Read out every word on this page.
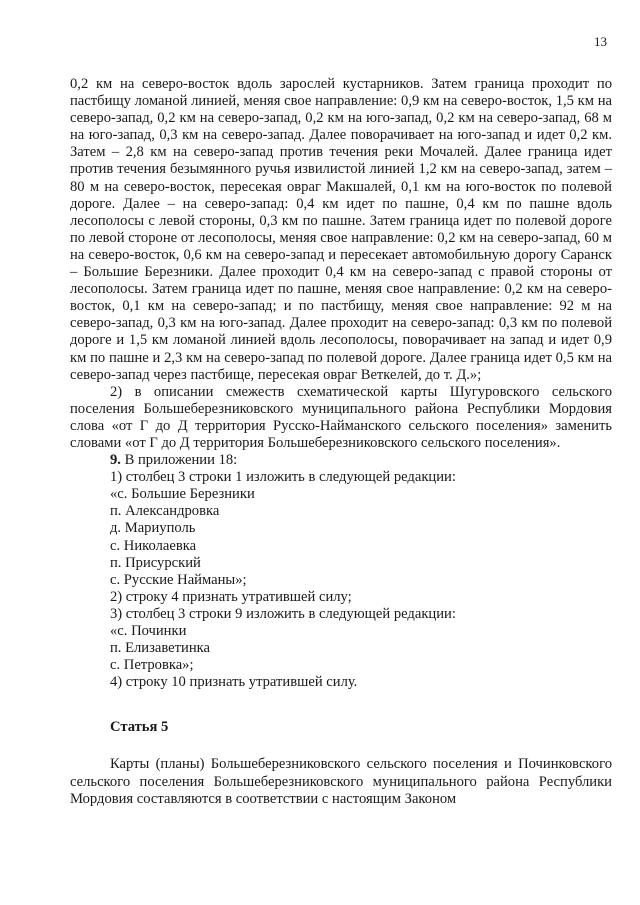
13

0,2 км на северо-восток вдоль зарослей кустарников. Затем граница проходит по пастбищу ломаной линией, меняя свое направление: 0,9 км на северо-восток, 1,5 км на северо-запад, 0,2 км на северо-запад, 0,2 км на юго-запад, 0,2 км на северо-запад, 68 м на юго-запад, 0,3 км на северо-запад. Далее поворачивает на юго-запад и идет 0,2 км. Затем – 2,8 км на северо-запад против течения реки Мочалей. Далее граница идет против течения безымянного ручья извилистой линией 1,2 км на северо-запад, затем – 80 м на северо-восток, пересекая овраг Макшалей, 0,1 км на юго-восток по полевой дороге. Далее – на северо-запад: 0,4 км идет по пашне, 0,4 км по пашне вдоль лесополосы с левой стороны, 0,3 км по пашне. Затем граница идет по полевой дороге по левой стороне от лесополосы, меняя свое направление: 0,2 км на северо-запад, 60 м на северо-восток, 0,6 км на северо-запад и пересекает автомобильную дорогу Саранск – Большие Березники. Далее проходит 0,4 км на северо-запад с правой стороны от лесополосы. Затем граница идет по пашне, меняя свое направление: 0,2 км на северо-восток, 0,1 км на северо-запад; и по пастбищу, меняя свое направление: 92 м на северо-запад, 0,3 км на юго-запад. Далее проходит на северо-запад: 0,3 км по полевой дороге и 1,5 км ломаной линией вдоль лесополосы, поворачивает на запад и идет 0,9 км по пашне и 2,3 км на северо-запад по полевой дороге. Далее граница идет 0,5 км на северо-запад через пастбище, пересекая овраг Веткелей, до т. Д.»;

2) в описании смежеств схематической карты Шугуровского сельского поселения Большеберезниковского муниципального района Республики Мордовия слова «от Г до Д территория Русско-Найманского сельского поселения» заменить словами «от Г до Д территория Большеберезниковского сельского поселения».

9. В приложении 18:

1) столбец 3 строки 1 изложить в следующей редакции:

«с. Большие Березники

п. Александровка

д. Мариуполь

с. Николаевка

п. Присурский

с. Русские Найманы»;

2) строку 4 признать утратившей силу;

3) столбец 3 строки 9 изложить в следующей редакции:

«с. Починки

п. Елизаветинка

с. Петровка»;

4) строку 10 признать утратившей силу.

Статья 5

Карты (планы) Большеберезниковского сельского поселения и Починковского сельского поселения Большеберезниковского муниципального района Республики Мордовия составляются в соответствии с настоящим Законом
